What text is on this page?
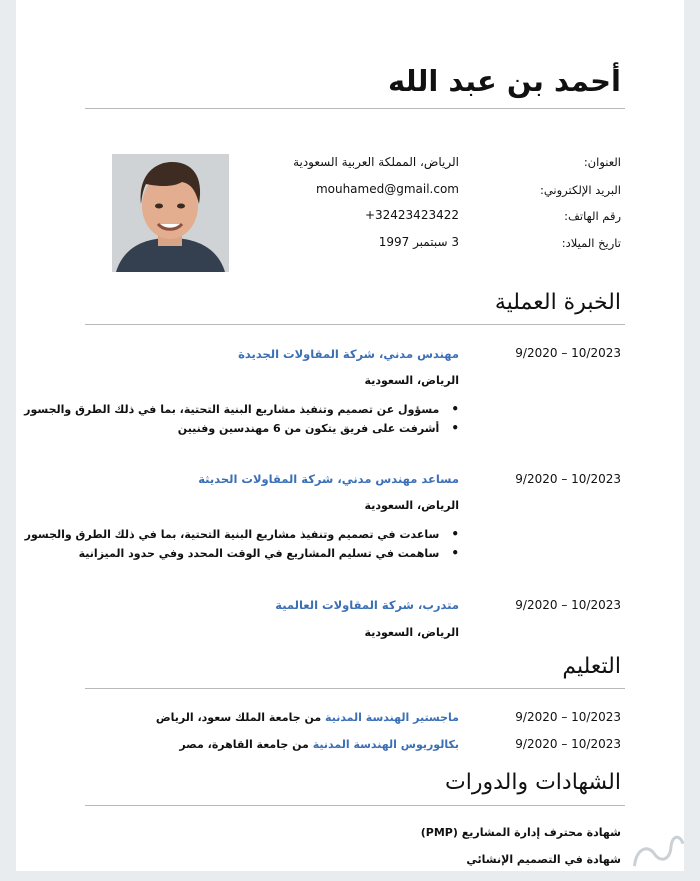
أحمد بن عبد الله
العنوان:
الرياض، المملكة العربية السعودية
البريد الإلكتروني:
mouhamed@gmail.com
رقم الهاتف:
+32423423422
تاريخ الميلاد:
3 سبتمبر 1997
الخبرة العملية
9/2020 – 10/2023
مهندس مدني، شركة المقاولات الجديدة
الرياض، السعودية
• مسؤول عن تصميم وتنفيذ مشاريع البنية التحتية، بما في ذلك الطرق والجسور
• أشرفت على فريق يتكون من 6 مهندسين وفنيين
9/2020 – 10/2023
مساعد مهندس مدني، شركة المقاولات الحديثة
الرياض، السعودية
• ساعدت في تصميم وتنفيذ مشاريع البنية التحتية، بما في ذلك الطرق والجسور
• ساهمت في تسليم المشاريع في الوقت المحدد وفي حدود الميزانية
9/2020 – 10/2023
متدرب، شركة المقاولات العالمية
الرياض، السعودية
التعليم
9/2020 – 10/2023
ماجستير الهندسة المدنية من جامعة الملك سعود، الرياض
9/2020 – 10/2023
بكالوريوس الهندسة المدنية من جامعة القاهرة، مصر
الشهادات والدورات
شهادة محترف إدارة المشاريع (PMP)
شهادة في التصميم الإنشائي
